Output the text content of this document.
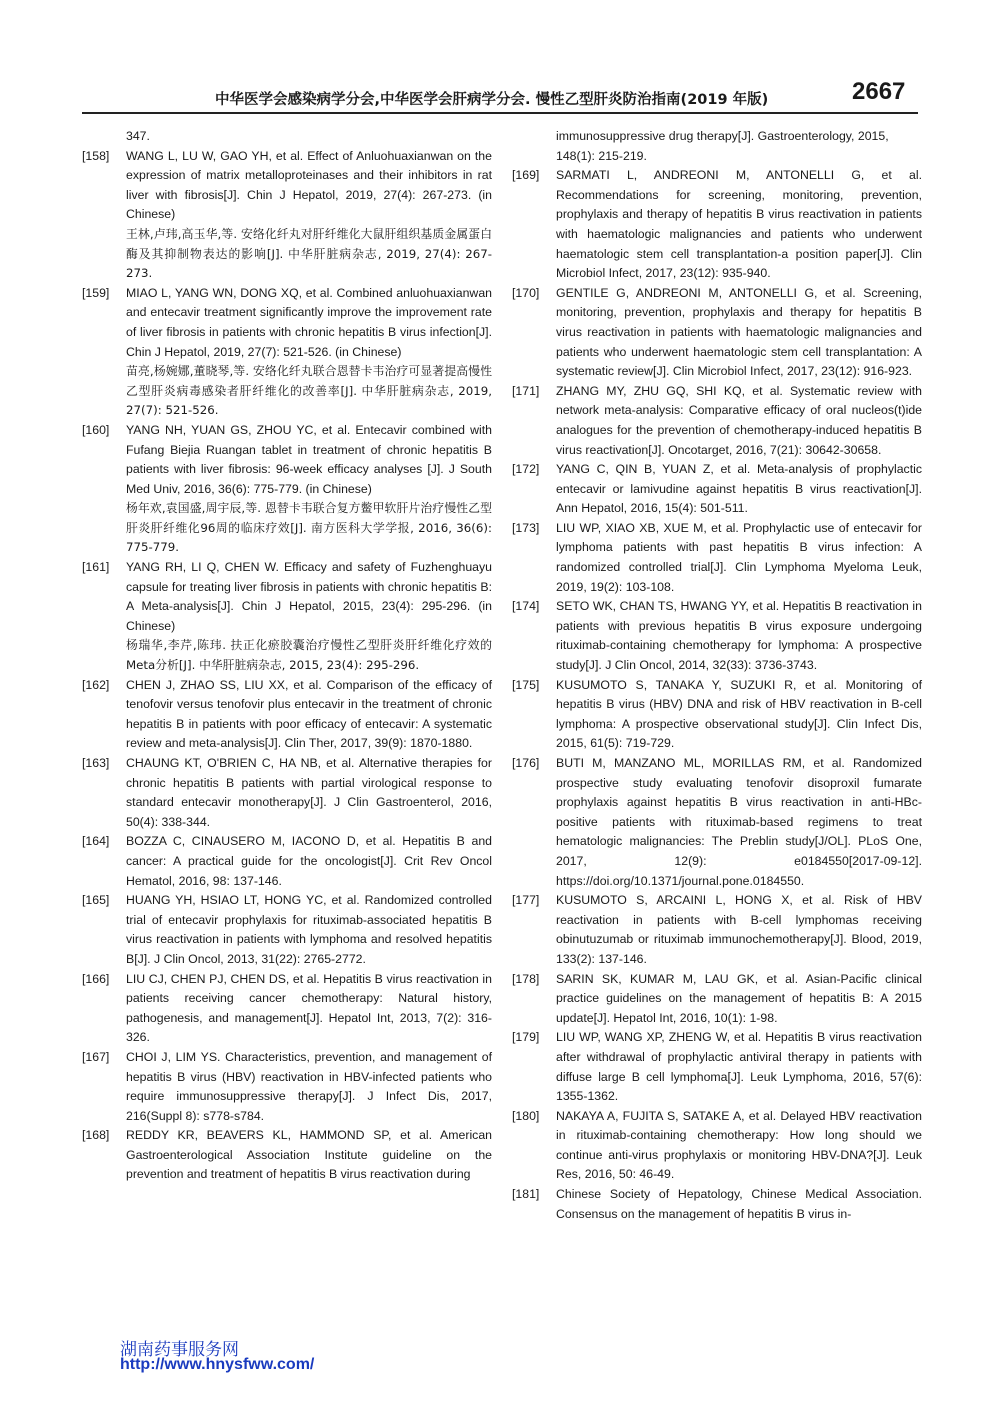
中华医学会感染病学分会,中华医学会肝病学分会. 慢性乙型肝炎防治指南(2019 年版)	2667
347.
[158] WANG L, LU W, GAO YH, et al. Effect of Anluohuaxianwan on the expression of matrix metalloproteinases and their inhibitors in rat liver with fibrosis[J]. Chin J Hepatol, 2019, 27(4): 267-273. (in Chinese)
王林,卢玮,高玉华,等. 安络化纤丸对肝纤维化大鼠肝组织基质金属蛋白酶及其抑制物表达的影响[J]. 中华肝脏病杂志, 2019, 27(4): 267-273.
[159] MIAO L, YANG WN, DONG XQ, et al. Combined anluohuaxianwan and entecavir treatment significantly improve the improvement rate of liver fibrosis in patients with chronic hepatitis B virus infection[J]. Chin J Hepatol, 2019, 27(7): 521-526. (in Chinese)
苗亮,杨婉娜,董晓琴,等. 安络化纤丸联合恩替卡韦治疗可显著提高慢性乙型肝炎病毒感染者肝纤维化的改善率[J]. 中华肝脏病杂志, 2019, 27(7): 521-526.
[160] YANG NH, YUAN GS, ZHOU YC, et al. Entecavir combined with Fufang Biejia Ruangan tablet in treatment of chronic hepatitis B patients with liver fibrosis: 96-week efficacy analyses [J]. J South Med Univ, 2016, 36(6): 775-779. (in Chinese)
杨年欢,袁国盛,周宇辰,等. 恩替卡韦联合复方鳖甲软肝片治疗慢性乙型肝炎肝纤维化96周的临床疗效[J]. 南方医科大学学报, 2016, 36(6): 775-779.
[161] YANG RH, LI Q, CHEN W. Efficacy and safety of Fuzhenghuayu capsule for treating liver fibrosis in patients with chronic hepatitis B: A Meta-analysis[J]. Chin J Hepatol, 2015, 23(4): 295-296. (in Chinese)
杨瑞华,李芹,陈玮. 扶正化瘀胶囊治疗慢性乙型肝炎肝纤维化疗效的Meta分析[J]. 中华肝脏病杂志, 2015, 23(4): 295-296.
[162] CHEN J, ZHAO SS, LIU XX, et al. Comparison of the efficacy of tenofovir versus tenofovir plus entecavir in the treatment of chronic hepatitis B in patients with poor efficacy of entecavir: A systematic review and meta-analysis[J]. Clin Ther, 2017, 39(9): 1870-1880.
[163] CHAUNG KT, O'BRIEN C, HA NB, et al. Alternative therapies for chronic hepatitis B patients with partial virological response to standard entecavir monotherapy[J]. J Clin Gastroenterol, 2016, 50(4): 338-344.
[164] BOZZA C, CINAUSERO M, IACONO D, et al. Hepatitis B and cancer: A practical guide for the oncologist[J]. Crit Rev Oncol Hematol, 2016, 98: 137-146.
[165] HUANG YH, HSIAO LT, HONG YC, et al. Randomized controlled trial of entecavir prophylaxis for rituximab-associated hepatitis B virus reactivation in patients with lymphoma and resolved hepatitis B[J]. J Clin Oncol, 2013, 31(22): 2765-2772.
[166] LIU CJ, CHEN PJ, CHEN DS, et al. Hepatitis B virus reactivation in patients receiving cancer chemotherapy: Natural history, pathogenesis, and management[J]. Hepatol Int, 2013, 7(2): 316-326.
[167] CHOI J, LIM YS. Characteristics, prevention, and management of hepatitis B virus (HBV) reactivation in HBV-infected patients who require immunosuppressive therapy[J]. J Infect Dis, 2017, 216(Suppl 8): s778-s784.
[168] REDDY KR, BEAVERS KL, HAMMOND SP, et al. American Gastroenterological Association Institute guideline on the prevention and treatment of hepatitis B virus reactivation during
immunosuppressive drug therapy[J]. Gastroenterology, 2015, 148(1): 215-219.
[169] SARMATI L, ANDREONI M, ANTONELLI G, et al. Recommendations for screening, monitoring, prevention, prophylaxis and therapy of hepatitis B virus reactivation in patients with haematologic malignancies and patients who underwent haematologic stem cell transplantation-a position paper[J]. Clin Microbiol Infect, 2017, 23(12): 935-940.
[170] GENTILE G, ANDREONI M, ANTONELLI G, et al. Screening, monitoring, prevention, prophylaxis and therapy for hepatitis B virus reactivation in patients with haematologic malignancies and patients who underwent haematologic stem cell transplantation: A systematic review[J]. Clin Microbiol Infect, 2017, 23(12): 916-923.
[171] ZHANG MY, ZHU GQ, SHI KQ, et al. Systematic review with network meta-analysis: Comparative efficacy of oral nucleos(t)ide analogues for the prevention of chemotherapy-induced hepatitis B virus reactivation[J]. Oncotarget, 2016, 7(21): 30642-30658.
[172] YANG C, QIN B, YUAN Z, et al. Meta-analysis of prophylactic entecavir or lamivudine against hepatitis B virus reactivation[J]. Ann Hepatol, 2016, 15(4): 501-511.
[173] LIU WP, XIAO XB, XUE M, et al. Prophylactic use of entecavir for lymphoma patients with past hepatitis B virus infection: A randomized controlled trial[J]. Clin Lymphoma Myeloma Leuk, 2019, 19(2): 103-108.
[174] SETO WK, CHAN TS, HWANG YY, et al. Hepatitis B reactivation in patients with previous hepatitis B virus exposure undergoing rituximab-containing chemotherapy for lymphoma: A prospective study[J]. J Clin Oncol, 2014, 32(33): 3736-3743.
[175] KUSUMOTO S, TANAKA Y, SUZUKI R, et al. Monitoring of hepatitis B virus (HBV) DNA and risk of HBV reactivation in B-cell lymphoma: A prospective observational study[J]. Clin Infect Dis, 2015, 61(5): 719-729.
[176] BUTI M, MANZANO ML, MORILLAS RM, et al. Randomized prospective study evaluating tenofovir disoproxil fumarate prophylaxis against hepatitis B virus reactivation in anti-HBc-positive patients with rituximab-based regimens to treat hematologic malignancies: The Preblin study[J/OL]. PLoS One, 2017, 12(9): e0184550[2017-09-12]. https://doi.org/10.1371/journal.pone.0184550.
[177] KUSUMOTO S, ARCAINI L, HONG X, et al. Risk of HBV reactivation in patients with B-cell lymphomas receiving obinutuzumab or rituximab immunochemotherapy[J]. Blood, 2019, 133(2): 137-146.
[178] SARIN SK, KUMAR M, LAU GK, et al. Asian-Pacific clinical practice guidelines on the management of hepatitis B: A 2015 update[J]. Hepatol Int, 2016, 10(1): 1-98.
[179] LIU WP, WANG XP, ZHENG W, et al. Hepatitis B virus reactivation after withdrawal of prophylactic antiviral therapy in patients with diffuse large B cell lymphoma[J]. Leuk Lymphoma, 2016, 57(6): 1355-1362.
[180] NAKAYA A, FUJITA S, SATAKE A, et al. Delayed HBV reactivation in rituximab-containing chemotherapy: How long should we continue anti-virus prophylaxis or monitoring HBV-DNA?[J]. Leuk Res, 2016, 50: 46-49.
[181] Chinese Society of Hepatology, Chinese Medical Association. Consensus on the management of hepatitis B virus in-
湖南药事服务网
http://www.hnysfww.com/
